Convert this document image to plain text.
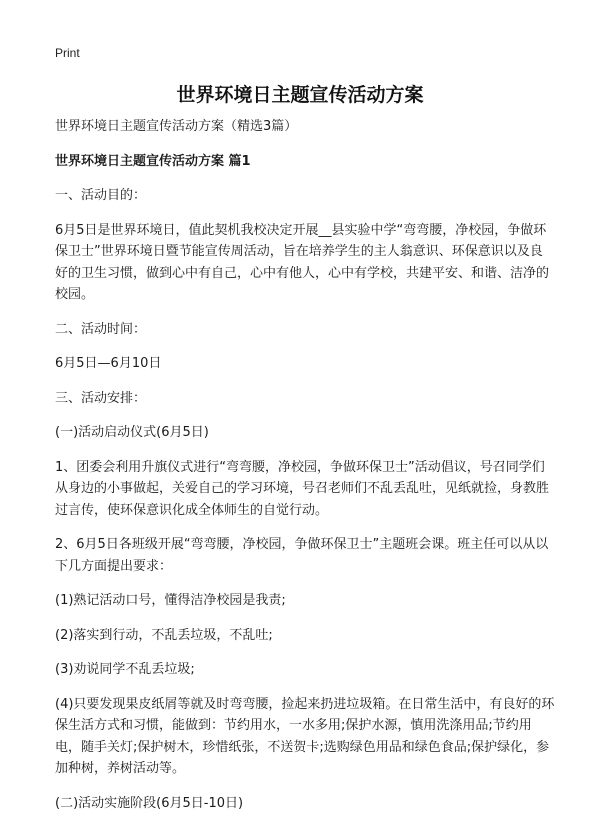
Print
世界环境日主题宣传活动方案

世界环境日主题宣传活动方案（精选3篇）

世界环境日主题宣传活动方案 篇1

一、活动目的：

6月5日是世界环境日，值此契机我校决定开展__县实验中学“弯弯腰，净校园，争做环保卫士”世界环境日暨节能宣传周活动，旨在培养学生的主人翁意识、环保意识以及良好的卫生习惯，做到心中有自己，心中有他人，心中有学校，共建平安、和谐、洁净的校园。

二、活动时间：

6月5日—6月10日

三、活动安排：

(一)活动启动仪式(6月5日)

1、团委会利用升旗仪式进行“弯弯腰，净校园，争做环保卫士”活动倡议，号召同学们从身边的小事做起，关爱自己的学习环境，号召老师们不乱丢乱吐，见纸就捡，身教胜过言传，使环保意识化成全体师生的自觉行动。

2、6月5日各班级开展“弯弯腰，净校园，争做环保卫士”主题班会课。班主任可以从以下几方面提出要求：

(1)熟记活动口号，懂得洁净校园是我责;

(2)落实到行动，不乱丢垃圾，不乱吐;

(3)劝说同学不乱丢垃圾;

(4)只要发现果皮纸屑等就及时弯弯腰，捡起来扔进垃圾箱。在日常生活中，有良好的环保生活方式和习惯，能做到：节约用水，一水多用;保护水源，慎用洗涤用品;节约用电，随手关灯;保护树木，珍惜纸张，不送贺卡;选购绿色用品和绿色食品;保护绿化，参加种树，养树活动等。

(二)活动实施阶段(6月5日-10日)
